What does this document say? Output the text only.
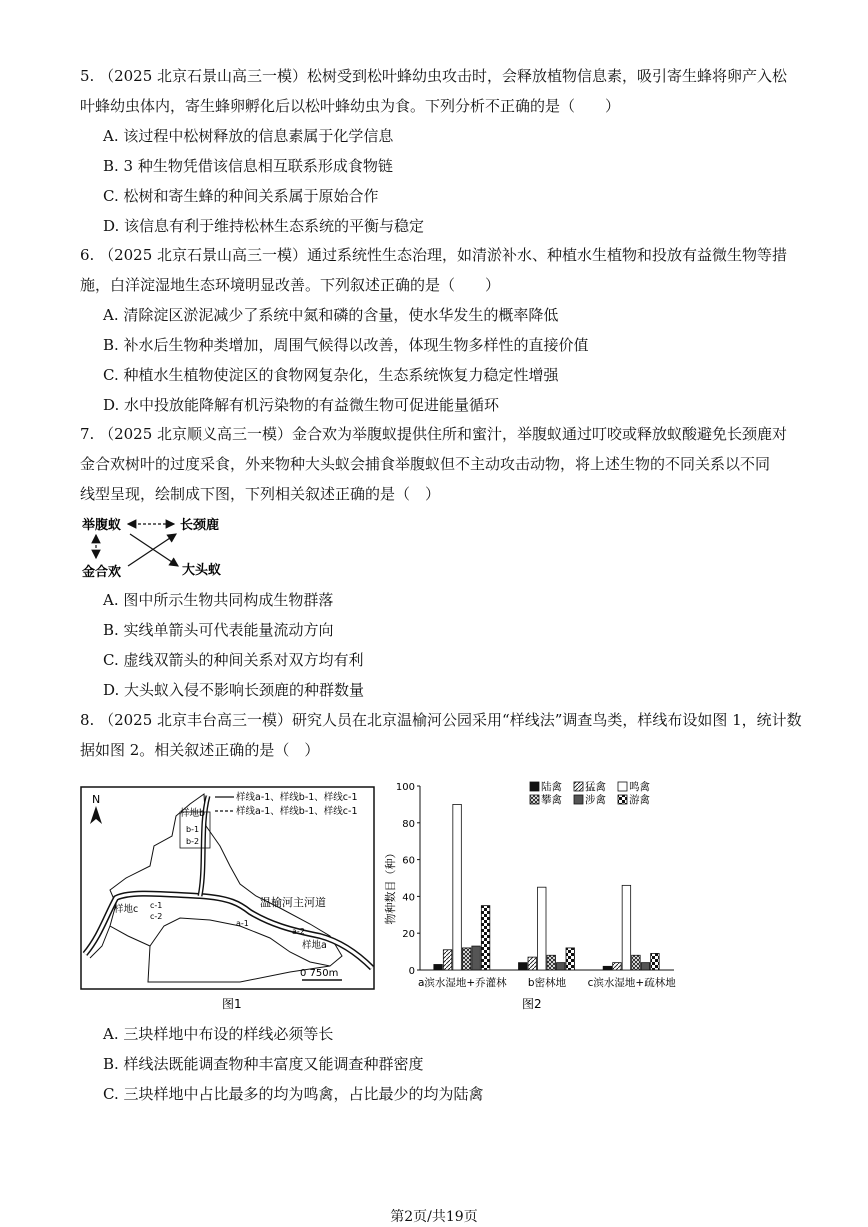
5. （2025 北京石景山高三一模）松树受到松叶蜂幼虫攻击时，会释放植物信息素，吸引寄生蜂将卵产入松
叶蜂幼虫体内，寄生蜂卵孵化后以松叶蜂幼虫为食。下列分析不正确的是（　　）
A. 该过程中松树释放的信息素属于化学信息
B. 3 种生物凭借该信息相互联系形成食物链
C. 松树和寄生蜂的种间关系属于原始合作
D. 该信息有利于维持松林生态系统的平衡与稳定
6. （2025 北京石景山高三一模）通过系统性生态治理，如清淤补水、种植水生植物和投放有益微生物等措
施，白洋淀湿地生态环境明显改善。下列叙述正确的是（　　）
A. 清除淀区淤泥减少了系统中氮和磷的含量，使水华发生的概率降低
B. 补水后生物种类增加，周围气候得以改善，体现生物多样性的直接价值
C. 种植水生植物使淀区的食物网复杂化，生态系统恢复力稳定性增强
D. 水中投放能降解有机污染物的有益微生物可促进能量循环
7. （2025 北京顺义高三一模）金合欢为举腹蚁提供住所和蜜汁，举腹蚁通过叮咬或释放蚁酸避免长颈鹿对
金合欢树叶的过度采食，外来物种大头蚁会捕食举腹蚁但不主动攻击动物，将上述生物的不同关系以不同
线型呈现，绘制成下图，下列相关叙述正确的是（　）
举腹蚁	长颈鹿
金合欢	大头蚁
A. 图中所示生物共同构成生物群落
B. 实线单箭头可代表能量流动方向
C. 虚线双箭头的种间关系对双方均有利
D. 大头蚁入侵不影响长颈鹿的种群数量
8. （2025 北京丰台高三一模）研究人员在北京温榆河公园采用“样线法”调查鸟类，样线布设如图 1，统计数
据如图 2。相关叙述正确的是（　）
N	样线a-1、样线b-1、样线c-1
样线a-1、样线b-1、样线c-1
样地b
b-1
b-2
样地c c-1
c-2
温榆河主河道
a-1
a-2
样地a
0 750m
图1
0
20
40
60
80
100
a滨水湿地+乔灌林 b密林地 c滨水湿地+疏林地
陆禽 猛禽 鸣禽
攀禽 涉禽 游禽
物种数目（种）
图2
A. 三块样地中布设的样线必须等长
B. 样线法既能调查物种丰富度又能调查种群密度
C. 三块样地中占比最多的均为鸣禽，占比最少的均为陆禽
第2页/共19页
